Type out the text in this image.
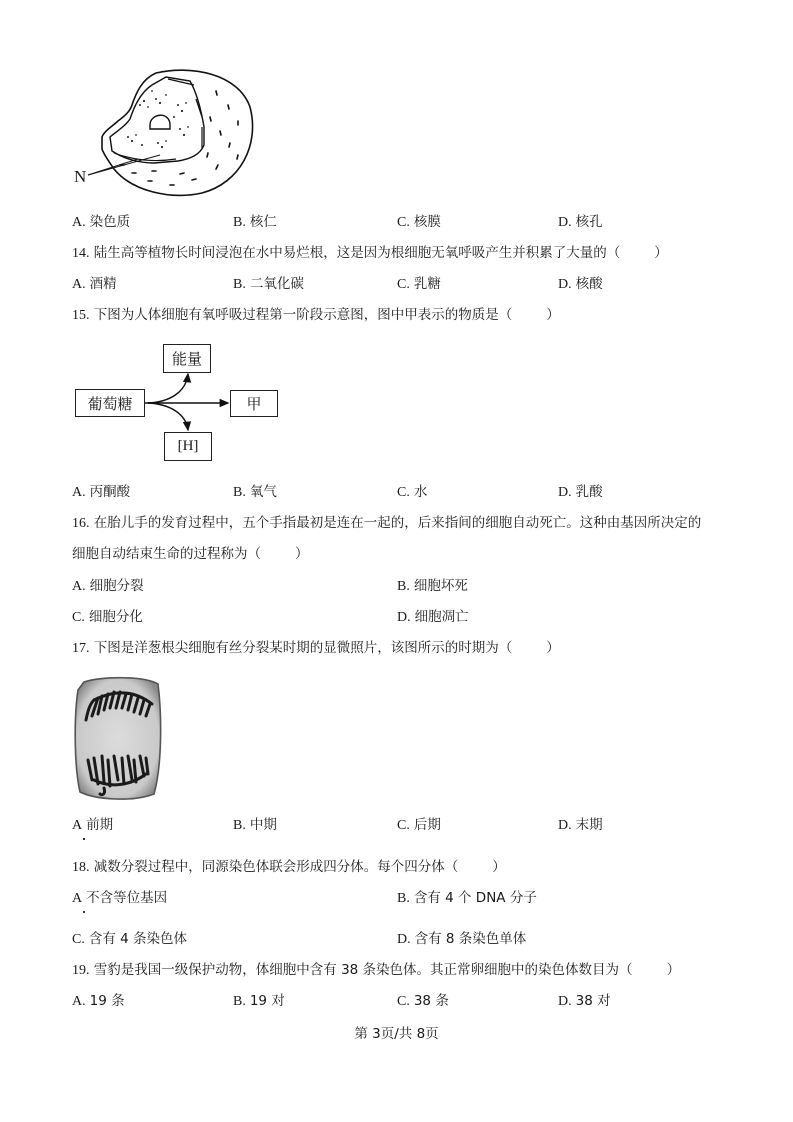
N
A. 染色质	B. 核仁	C. 核膜	D. 核孔
14. 陆生高等植物长时间浸泡在水中易烂根，这是因为根细胞无氧呼吸产生并积累了大量的（	）
A. 酒精	B. 二氧化碳	C. 乳糖	D. 核酸
15. 下图为人体细胞有氧呼吸过程第一阶段示意图，图中甲表示的物质是（	）
能量
葡萄糖	甲
[H]
A. 丙酮酸	B. 氧气	C. 水	D. 乳酸
16. 在胎儿手的发育过程中，五个手指最初是连在一起的，后来指间的细胞自动死亡。这种由基因所决定的
细胞自动结束生命的过程称为（	）
A. 细胞分裂	B. 细胞坏死
C. 细胞分化	D. 细胞凋亡
17. 下图是洋葱根尖细胞有丝分裂某时期的显微照片，该图所示的时期为（	）
A 前期	B. 中期	C. 后期	D. 末期
18. 减数分裂过程中，同源染色体联会形成四分体。每个四分体（	）
A 不含等位基因	B. 含有 4 个 DNA 分子
C. 含有 4 条染色体	D. 含有 8 条染色单体
19. 雪豹是我国一级保护动物，体细胞中含有 38 条染色体。其正常卵细胞中的染色体数目为（	）
A. 19 条	B. 19 对	C. 38 条	D. 38 对
第 3页/共 8页
